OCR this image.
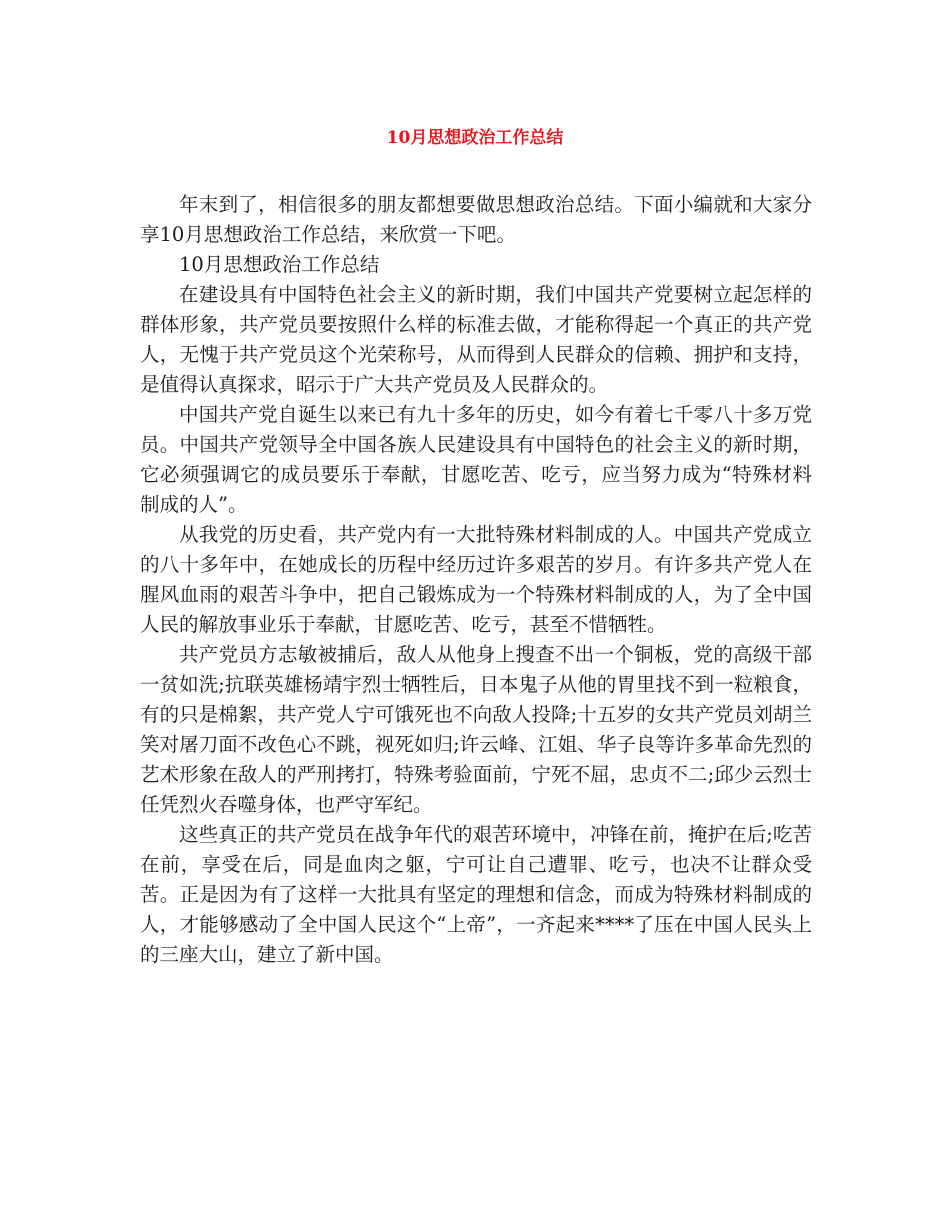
10月思想政治工作总结

年末到了，相信很多的朋友都想要做思想政治总结。下面小编就和大家分享10月思想政治工作总结，来欣赏一下吧。

10月思想政治工作总结

在建设具有中国特色社会主义的新时期，我们中国共产党要树立起怎样的群体形象，共产党员要按照什么样的标准去做，才能称得起一个真正的共产党人，无愧于共产党员这个光荣称号，从而得到人民群众的信赖、拥护和支持，是值得认真探求，昭示于广大共产党员及人民群众的。

中国共产党自诞生以来已有九十多年的历史，如今有着七千零八十多万党员。中国共产党领导全中国各族人民建设具有中国特色的社会主义的新时期，它必须强调它的成员要乐于奉献，甘愿吃苦、吃亏，应当努力成为“特殊材料制成的人”。

从我党的历史看，共产党内有一大批特殊材料制成的人。中国共产党成立的八十多年中，在她成长的历程中经历过许多艰苦的岁月。有许多共产党人在腥风血雨的艰苦斗争中，把自己锻炼成为一个特殊材料制成的人，为了全中国人民的解放事业乐于奉献，甘愿吃苦、吃亏，甚至不惜牺牲。

共产党员方志敏被捕后，敌人从他身上搜查不出一个铜板，党的高级干部一贫如洗;抗联英雄杨靖宇烈士牺牲后，日本鬼子从他的胃里找不到一粒粮食，有的只是棉絮，共产党人宁可饿死也不向敌人投降;十五岁的女共产党员刘胡兰笑对屠刀面不改色心不跳，视死如归;许云峰、江姐、华子良等许多革命先烈的艺术形象在敌人的严刑拷打，特殊考验面前，宁死不屈，忠贞不二;邱少云烈士任凭烈火吞噬身体，也严守军纪。

这些真正的共产党员在战争年代的艰苦环境中，冲锋在前，掩护在后;吃苦在前，享受在后，同是血肉之躯，宁可让自己遭罪、吃亏，也决不让群众受苦。正是因为有了这样一大批具有坚定的理想和信念，而成为特殊材料制成的人，才能够感动了全中国人民这个“上帝”，一齐起来****了压在中国人民头上的三座大山，建立了新中国。
